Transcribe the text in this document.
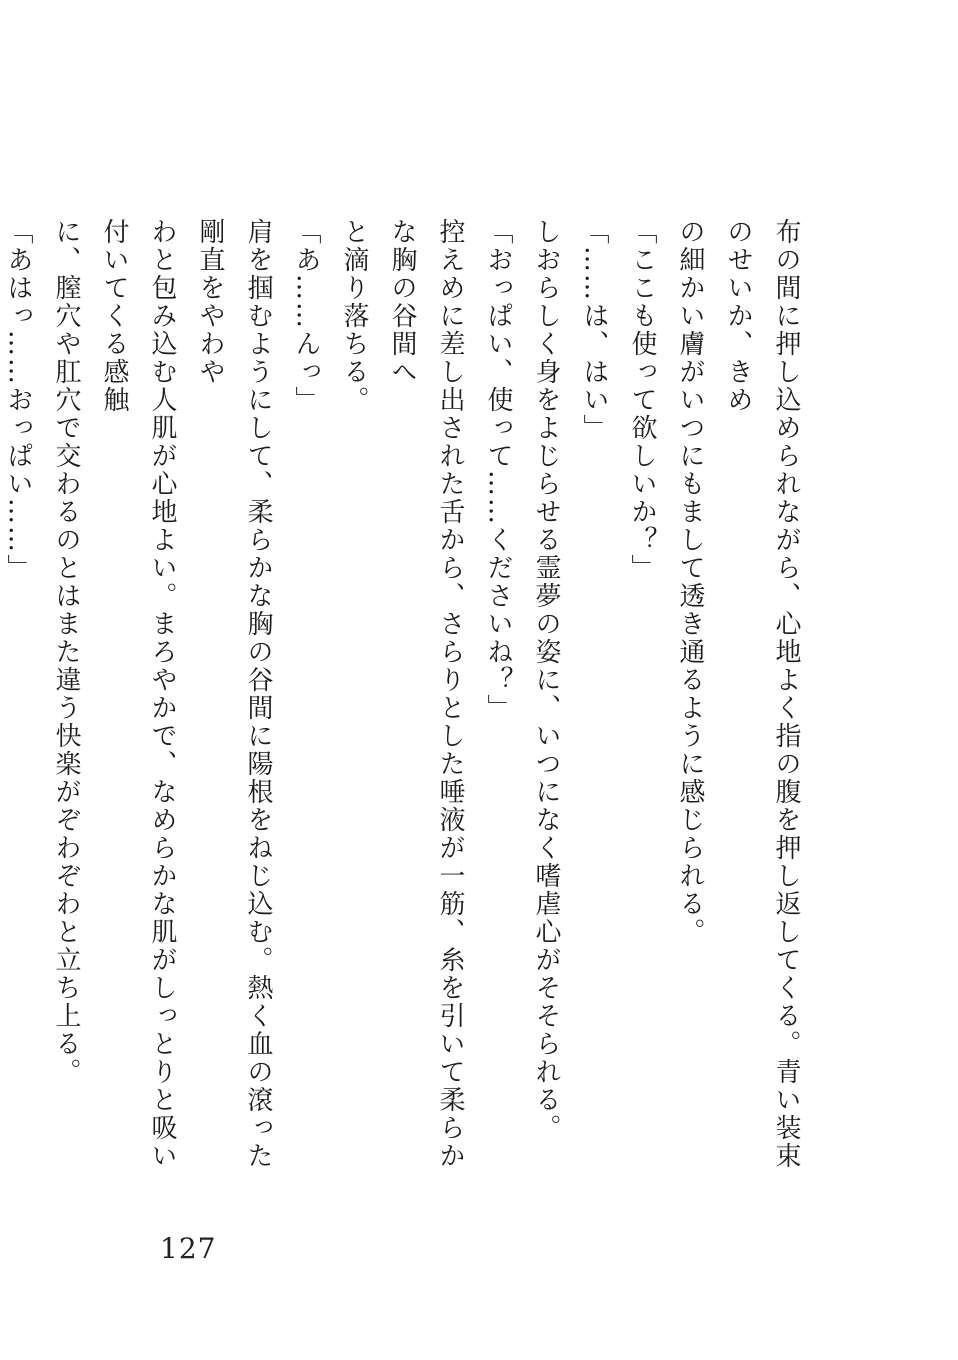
布の間に押し込められながら、心地よく指の腹を押し返してくる。青い装束のせいか、きめ

の細かい膚がいつにもまして透き通るように感じられる。

「ここも使って欲しいか？」

「……は、はい」

しおらしく身をよじらせる霊夢の姿に、いつになく嗜虐心がそそられる。

「おっぱい、使って……くださいね？」

控えめに差し出された舌から、さらりとした唾液が一筋、糸を引いて柔らかな胸の谷間へ

と滴り落ちる。

「あ……んっ」

肩を掴むようにして、柔らかな胸の谷間に陽根をねじ込む。熱く血の滾った剛直をやわや

わと包み込む人肌が心地よい。まろやかで、なめらかな肌がしっとりと吸い付いてくる感触

に、膣穴や肛穴で交わるのとはまた違う快楽がぞわぞわと立ち上る。

「あはっ……おっぱい……」

127
